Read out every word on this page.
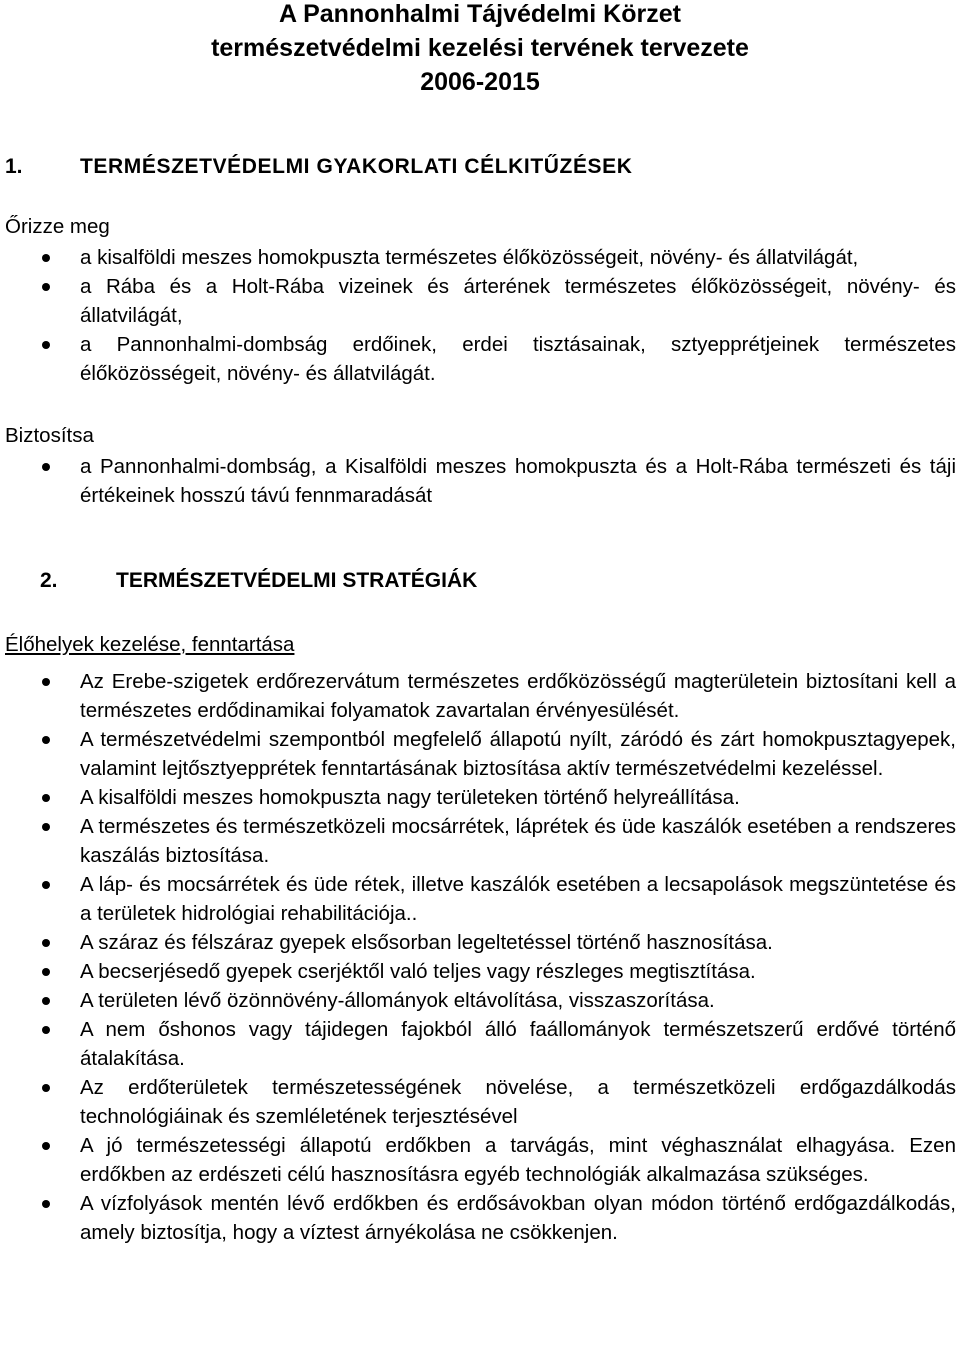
A Pannonhalmi Tájvédelmi Körzet
természetvédelmi kezelési tervének tervezete
2006-2015
1.	TERMÉSZETVÉDELMI GYAKORLATI CÉLKITŰZÉSEK

Őrizze meg

a kisalföldi meszes homokpuszta természetes élőközösségeit, növény- és állatvilágát,
a Rába és a Holt-Rába vizeinek és árterének természetes élőközösségeit, növény- és állatvilágát,
a Pannonhalmi-dombság erdőinek, erdei tisztásainak, sztyepprétjeinek természetes élőközösségeit, növény- és állatvilágát.

Biztosítsa

a Pannonhalmi-dombság, a Kisalföldi meszes homokpuszta és a Holt-Rába természeti és táji értékeinek hosszú távú fennmaradását
2.	TERMÉSZETVÉDELMI STRATÉGIÁK

Élőhelyek kezelése, fenntartása

Az Erebe-szigetek erdőrezervátum természetes erdőközösségű magterületein biztosítani kell a természetes erdődinamikai folyamatok zavartalan érvényesülését.
A természetvédelmi szempontból megfelelő állapotú nyílt, záródó és zárt homokpusztagyepek, valamint lejtősztyepprétek fenntartásának biztosítása aktív természetvédelmi kezeléssel.
A kisalföldi meszes homokpuszta nagy területeken történő helyreállítása.
A természetes és természetközeli mocsárrétek, láprétek és üde kaszálók esetében a rendszeres kaszálás biztosítása.
A láp- és mocsárrétek és üde rétek, illetve kaszálók esetében a lecsapolások megszüntetése és a területek hidrológiai rehabilitációja..
A száraz és félszáraz gyepek elsősorban legeltetéssel történő hasznosítása.
A becserjésedő gyepek cserjéktől való teljes vagy részleges megtisztítása.
A területen lévő özönnövény-állományok eltávolítása, visszaszorítása.
A nem őshonos vagy tájidegen fajokból álló faállományok természetszerű erdővé történő átalakítása.
Az erdőterületek természetességének növelése, a természetközeli erdőgazdálkodás technológiáinak és szemléletének terjesztésével
A jó természetességi állapotú erdőkben a tarvágás, mint véghasználat elhagyása. Ezen erdőkben az erdészeti célú hasznosításra egyéb technológiák alkalmazása szükséges.
A vízfolyások mentén lévő erdőkben és erdősávokban olyan módon történő erdőgazdálkodás, amely biztosítja, hogy a víztest árnyékolása ne csökkenjen.
